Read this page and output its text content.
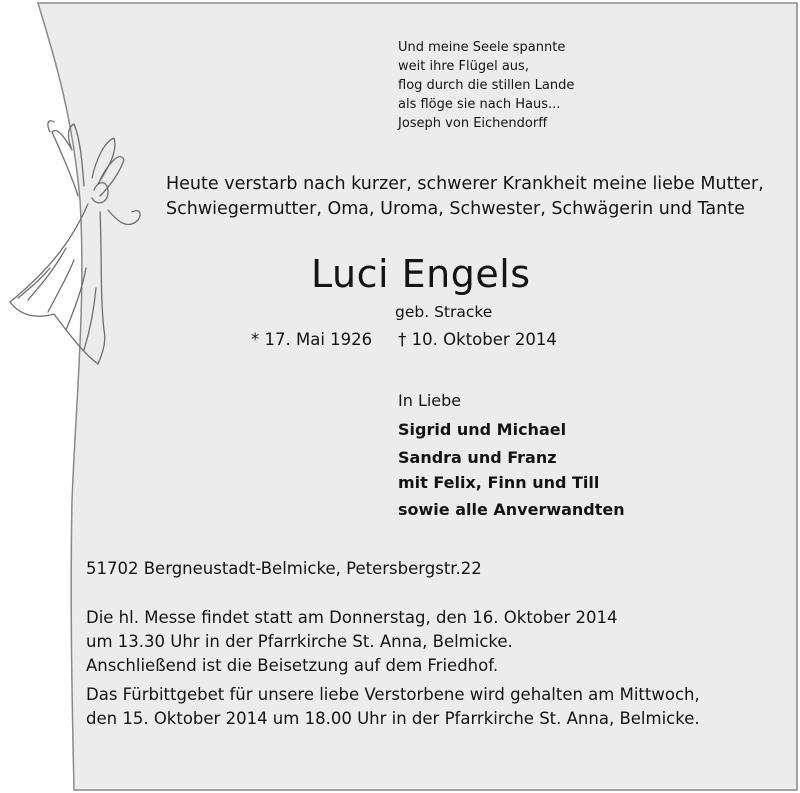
Und meine Seele spannte
weit ihre Flügel aus,
flog durch die stillen Lande
als flöge sie nach Haus...
Joseph von Eichendorff
Heute verstarb nach kurzer, schwerer Krankheit meine liebe Mutter,
Schwiegermutter, Oma, Uroma, Schwester, Schwägerin und Tante
Luci Engels
geb. Stracke
* 17. Mai 1926 † 10. Oktober 2014
In Liebe
Sigrid und Michael
Sandra und Franz
mit Felix, Finn und Till
sowie alle Anverwandten
51702 Bergneustadt-Belmicke, Petersbergstr.22
Die hl. Messe findet statt am Donnerstag, den 16. Oktober 2014
um 13.30 Uhr in der Pfarrkirche St. Anna, Belmicke.
Anschließend ist die Beisetzung auf dem Friedhof.
Das Fürbittgebet für unsere liebe Verstorbene wird gehalten am Mittwoch,
den 15. Oktober 2014 um 18.00 Uhr in der Pfarrkirche St. Anna, Belmicke.
